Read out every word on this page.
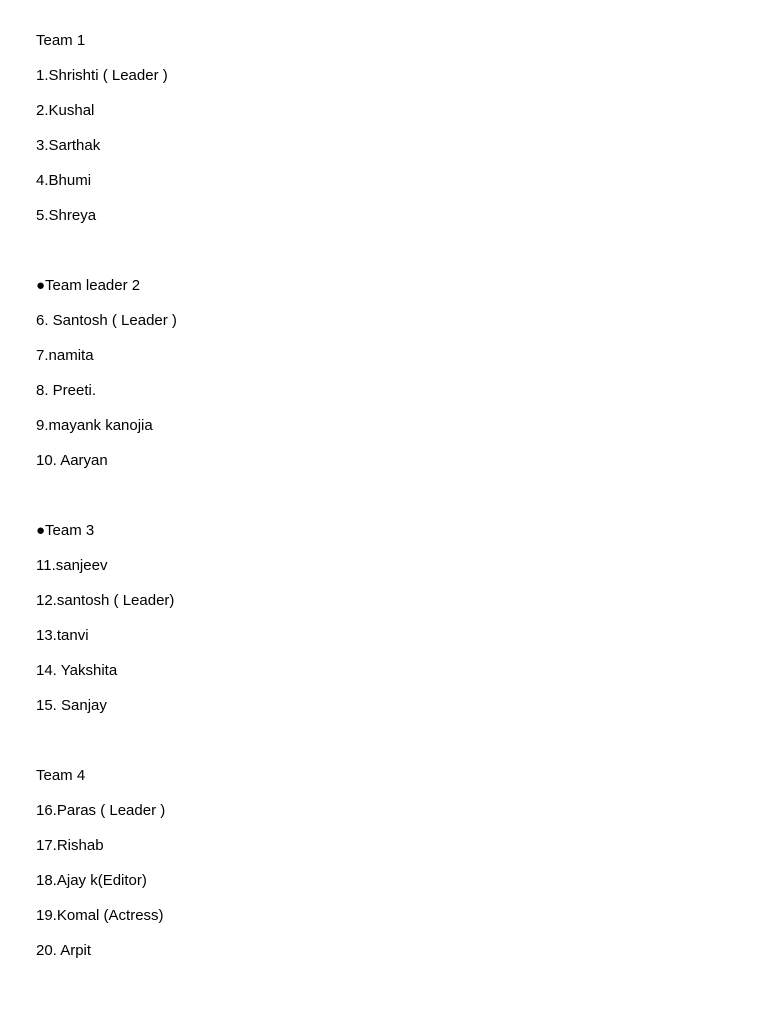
Team 1
1.Shrishti ( Leader )
2.Kushal
3.Sarthak
4.Bhumi
5.Shreya
●Team leader 2
6. Santosh ( Leader )
7.namita
8. Preeti.
9.mayank kanojia
10. Aaryan
●Team 3
11.sanjeev
12.santosh ( Leader)
13.tanvi
14. Yakshita
15. Sanjay
Team 4
16.Paras ( Leader )
17.Rishab
18.Ajay k(Editor)
19.Komal (Actress)
20. Arpit
